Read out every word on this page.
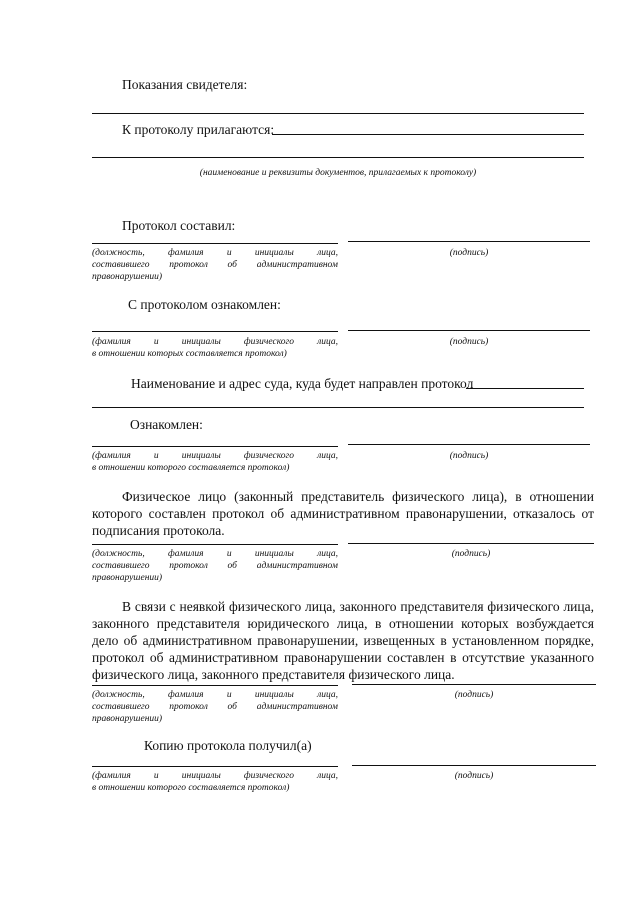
Показания свидетеля:
К протоколу прилагаются:
(наименование и реквизиты документов, прилагаемых к протоколу)
Протокол составил:
(должность, фамилия и инициалы лица,
составившего протокол об административном
правонарушении)
(подпись)
С протоколом ознакомлен:
(фамилия и инициалы физического лица,
в отношении которых составляется протокол)
(подпись)
Наименование и адрес суда, куда будет направлен протокол
Ознакомлен:
(фамилия и инициалы физического лица,
в отношении которого составляется протокол)
(подпись)
Физическое лицо (законный представитель физического лица), в отношении которого составлен протокол об административном правонарушении, отказалось от подписания протокола.
(должность, фамилия и инициалы лица,
составившего протокол об административном
правонарушении)
(подпись)
В связи с неявкой физического лица, законного представителя физического лица, законного представителя юридического лица, в отношении которых возбуждается дело об административном правонарушении, извещенных в установленном порядке, протокол об административном правонарушении составлен в отсутствие указанного физического лица, законного представителя физического лица.
(должность, фамилия и инициалы лица,
составившего протокол об административном
правонарушении)
(подпись)
Копию протокола получил(а)
(фамилия и инициалы физического лица,
в отношении которого составляется протокол)
(подпись)
